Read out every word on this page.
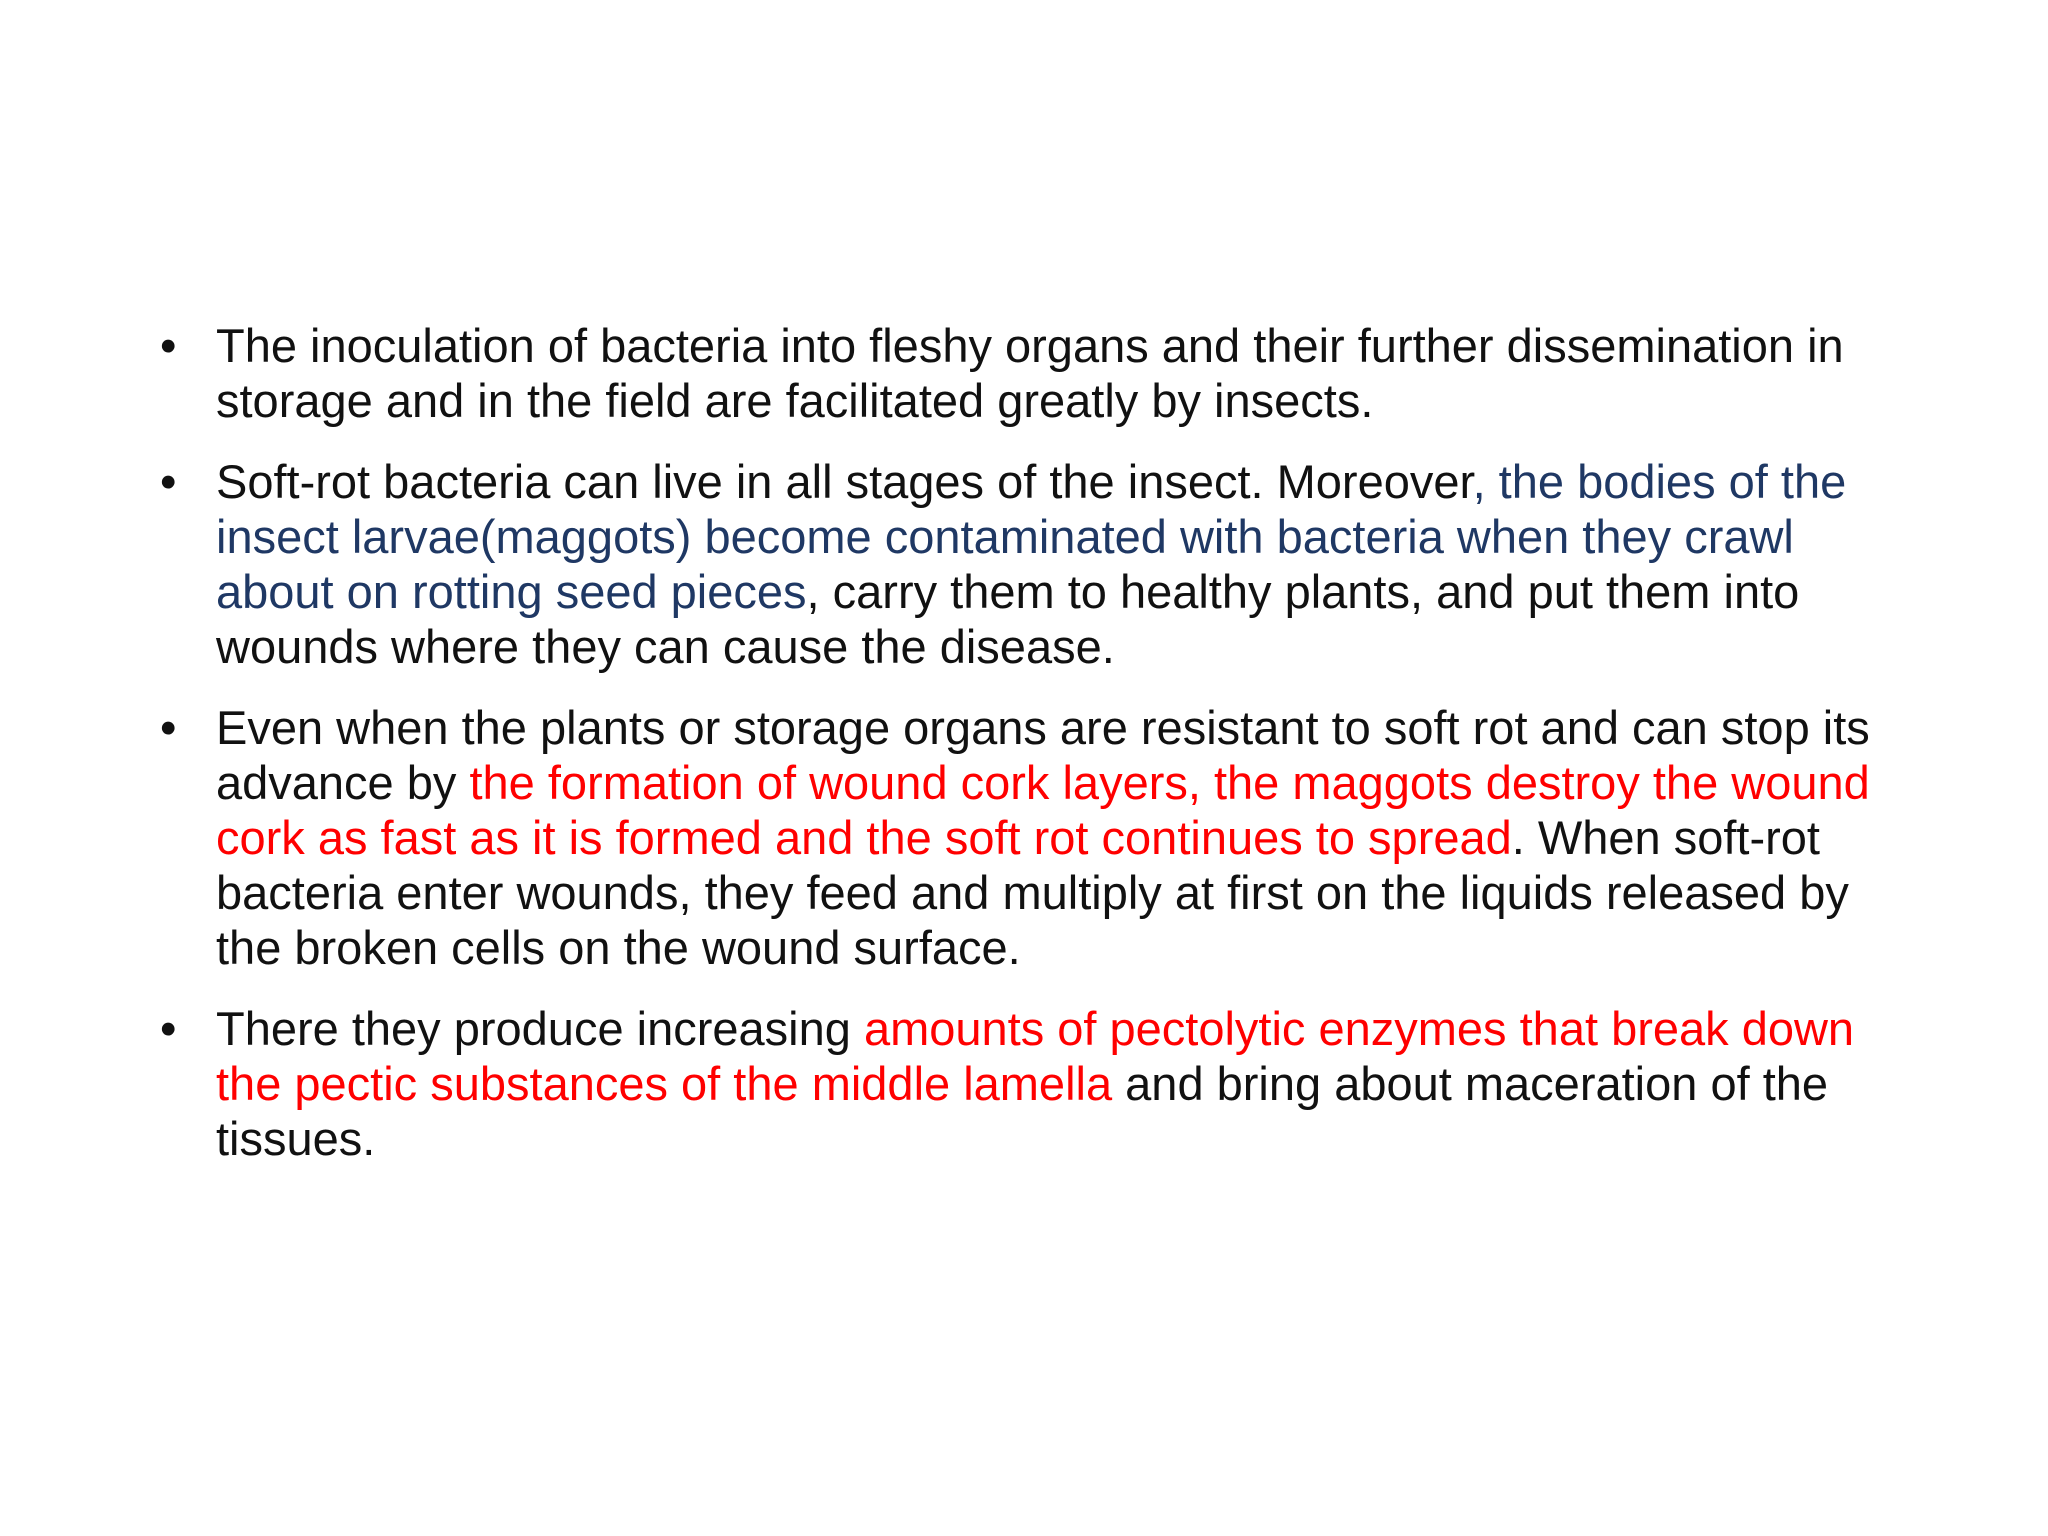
• The inoculation of bacteria into fleshy organs and their further dissemination in storage and in the field are facilitated greatly by insects.
• Soft-rot bacteria can live in all stages of the insect. Moreover, the bodies of the insect larvae(maggots) become contaminated with bacteria when they crawl about on rotting seed pieces, carry them to healthy plants, and put them into wounds where they can cause the disease.
• Even when the plants or storage organs are resistant to soft rot and can stop its advance by the formation of wound cork layers, the maggots destroy the wound cork as fast as it is formed and the soft rot continues to spread. When soft-rot bacteria enter wounds, they feed and multiply at first on the liquids released by the broken cells on the wound surface.
• There they produce increasing amounts of pectolytic enzymes that break down the pectic substances of the middle lamella and bring about maceration of the tissues.
